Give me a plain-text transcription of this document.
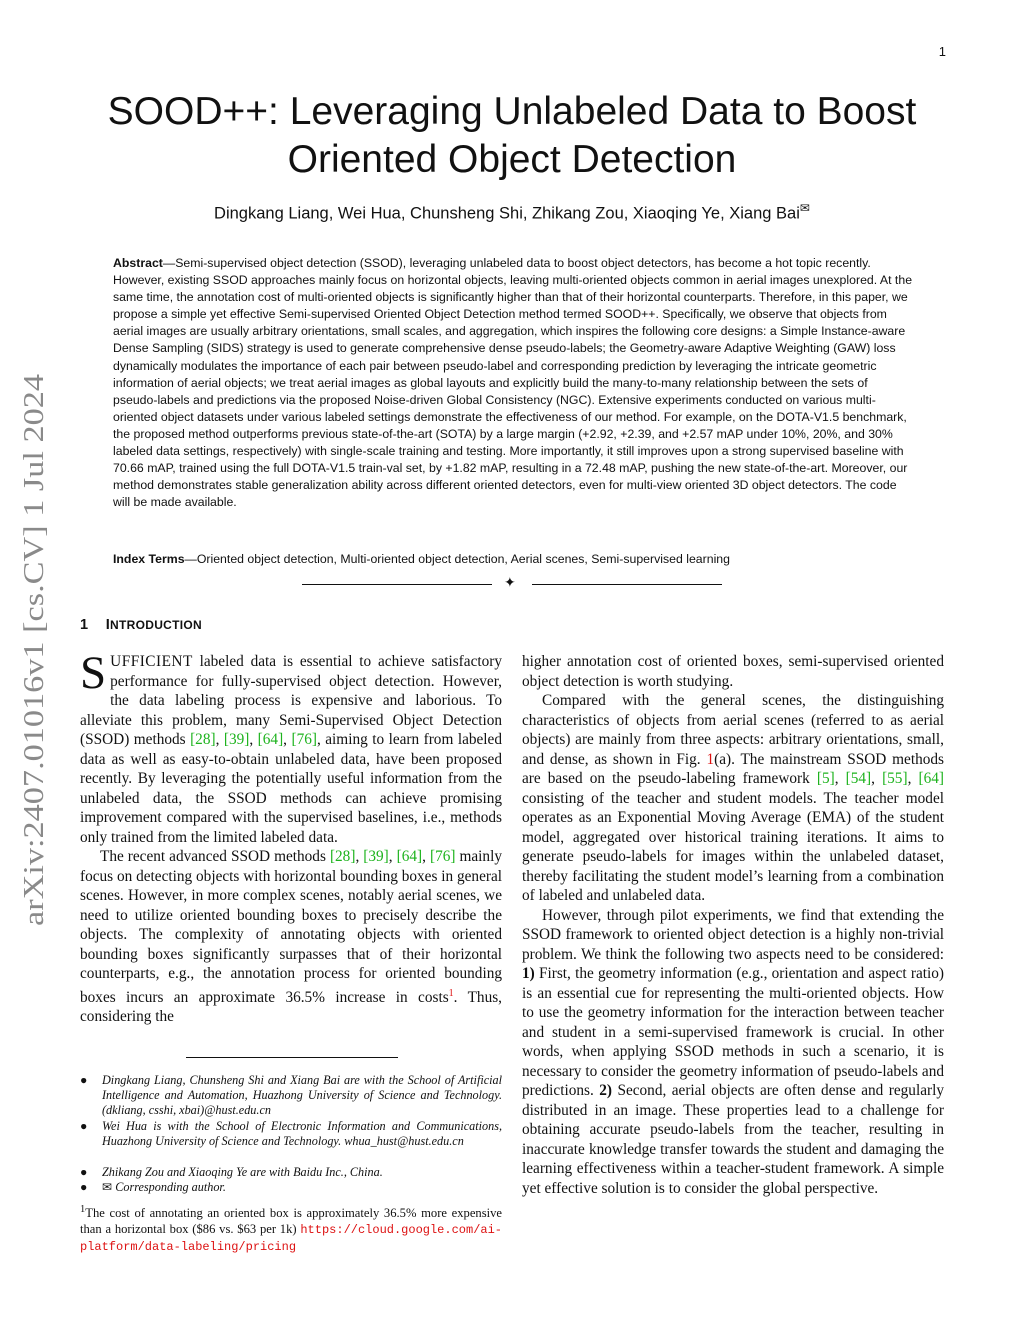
1
arXiv:2407.01016v1 [cs.CV] 1 Jul 2024
SOOD++: Leveraging Unlabeled Data to Boost Oriented Object Detection
Dingkang Liang, Wei Hua, Chunsheng Shi, Zhikang Zou, Xiaoqing Ye, Xiang Bai✉
Abstract—Semi-supervised object detection (SSOD), leveraging unlabeled data to boost object detectors, has become a hot topic recently. However, existing SSOD approaches mainly focus on horizontal objects, leaving multi-oriented objects common in aerial images unexplored. At the same time, the annotation cost of multi-oriented objects is significantly higher than that of their horizontal counterparts. Therefore, in this paper, we propose a simple yet effective Semi-supervised Oriented Object Detection method termed SOOD++. Specifically, we observe that objects from aerial images are usually arbitrary orientations, small scales, and aggregation, which inspires the following core designs: a Simple Instance-aware Dense Sampling (SIDS) strategy is used to generate comprehensive dense pseudo-labels; the Geometry-aware Adaptive Weighting (GAW) loss dynamically modulates the importance of each pair between pseudo-label and corresponding prediction by leveraging the intricate geometric information of aerial objects; we treat aerial images as global layouts and explicitly build the many-to-many relationship between the sets of pseudo-labels and predictions via the proposed Noise-driven Global Consistency (NGC). Extensive experiments conducted on various multi-oriented object datasets under various labeled settings demonstrate the effectiveness of our method. For example, on the DOTA-V1.5 benchmark, the proposed method outperforms previous state-of-the-art (SOTA) by a large margin (+2.92, +2.39, and +2.57 mAP under 10%, 20%, and 30% labeled data settings, respectively) with single-scale training and testing. More importantly, it still improves upon a strong supervised baseline with 70.66 mAP, trained using the full DOTA-V1.5 train-val set, by +1.82 mAP, resulting in a 72.48 mAP, pushing the new state-of-the-art. Moreover, our method demonstrates stable generalization ability across different oriented detectors, even for multi-view oriented 3D object detectors. The code will be made available.
Index Terms—Oriented object detection, Multi-oriented object detection, Aerial scenes, Semi-supervised learning
✦
1 INTRODUCTION

SUFFICIENT labeled data is essential to achieve satisfactory performance for fully-supervised object detection. However, the data labeling process is expensive and laborious. To alleviate this problem, many Semi-Supervised Object Detection (SSOD) methods [28], [39], [64], [76], aiming to learn from labeled data as well as easy-to-obtain unlabeled data, have been proposed recently. By leveraging the potentially useful information from the unlabeled data, the SSOD methods can achieve promising improvement compared with the supervised baselines, i.e., methods only trained from the limited labeled data.

The recent advanced SSOD methods [28], [39], [64], [76] mainly focus on detecting objects with horizontal bounding boxes in general scenes. However, in more complex scenes, notably aerial scenes, we need to utilize oriented bounding boxes to precisely describe the objects. The complexity of annotating objects with oriented bounding boxes significantly surpasses that of their horizontal counterparts, e.g., the annotation process for oriented bounding boxes incurs an approximate 36.5% increase in costs$^1$. Thus, considering the

● Dingkang Liang, Chunsheng Shi and Xiang Bai are with the School of Artificial Intelligence and Automation, Huazhong University of Science and Technology. (dkliang, csshi, xbai)@hust.edu.cn
● Wei Hua is with the School of Electronic Information and Communications, Huazhong University of Science and Technology. whua_hust@hust.edu.cn
● Zhikang Zou and Xiaoqing Ye are with Baidu Inc., China.
● ✉ Corresponding author.
$^1$The cost of annotating an oriented box is approximately 36.5% more expensive than a horizontal box ($86 vs. $63 per 1k) https://cloud.google.com/ai-platform/data-labeling/pricing

higher annotation cost of oriented boxes, semi-supervised oriented object detection is worth studying.

Compared with the general scenes, the distinguishing characteristics of objects from aerial scenes (referred to as aerial objects) are mainly from three aspects: arbitrary orientations, small, and dense, as shown in Fig. 1(a). The mainstream SSOD methods are based on the pseudo-labeling framework [5], [54], [55], [64] consisting of the teacher and student models. The teacher model operates as an Exponential Moving Average (EMA) of the student model, aggregated over historical training iterations. It aims to generate pseudo-labels for images within the unlabeled dataset, thereby facilitating the student model’s learning from a combination of labeled and unlabeled data.

However, through pilot experiments, we find that extending the SSOD framework to oriented object detection is a highly non-trivial problem. We think the following two aspects need to be considered: 1) First, the geometry information (e.g., orientation and aspect ratio) is an essential cue for representing the multi-oriented objects. How to use the geometry information for the interaction between teacher and student in a semi-supervised framework is crucial. In other words, when applying SSOD methods in such a scenario, it is necessary to consider the geometry information of pseudo-labels and predictions. 2) Second, aerial objects are often dense and regularly distributed in an image. These properties lead to a challenge for obtaining accurate pseudo-labels from the teacher, resulting in inaccurate knowledge transfer towards the student and damaging the learning effectiveness within a teacher-student framework. A simple yet effective solution is to consider the global perspective.
